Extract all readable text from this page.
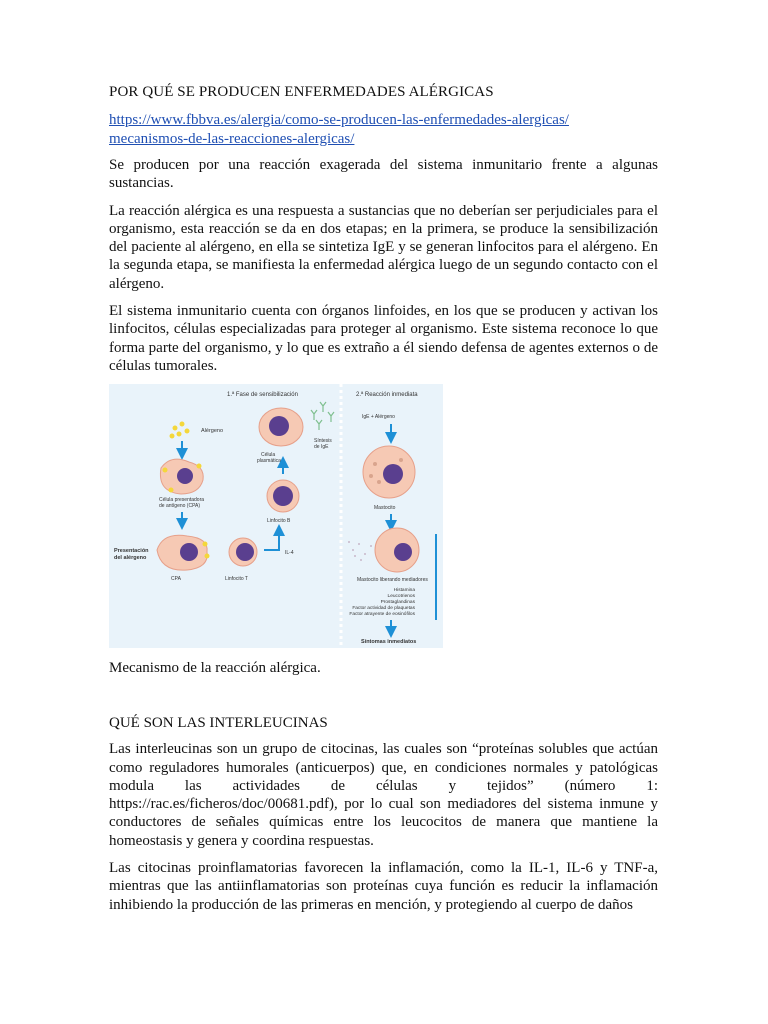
POR QUÉ SE PRODUCEN ENFERMEDADES ALÉRGICAS
https://www.fbbva.es/alergia/como-se-producen-las-enfermedades-alergicas/
mecanismos-de-las-reacciones-alergicas/

Se producen por una reacción exagerada del sistema inmunitario frente a algunas sustancias.

La reacción alérgica es una respuesta a sustancias que no deberían ser perjudiciales para el organismo, esta reacción se da en dos etapas; en la primera, se produce la sensibilización del paciente al alérgeno, en ella se sintetiza IgE y se generan linfocitos para el alérgeno. En la segunda etapa, se manifiesta la enfermedad alérgica luego de un segundo contacto con el alérgeno.

El sistema inmunitario cuenta con órganos linfoides, en los que se producen y activan los linfocitos, células especializadas para proteger al organismo. Este sistema reconoce lo que forma parte del organismo, y lo que es extraño a él siendo defensa de agentes externos o de células tumorales.

1.ª Fase de sensibilización	2.ª Reacción inmediata
Alérgeno
Célula presentadora
de antígeno (CPA)
Célula
plasmática
Síntesis
de IgE
Linfocito B
Presentación
del alérgeno
CPA	Linfocito T
IL-4
IgE + Alérgeno
Mastocito
Mastocito liberando mediadores
Histamina
Leucotrienos
Prostaglandinas
Factor actividad de plaquetas
Factor atrayente de eosinófilos
Síntomas inmediatos
Mecanismo de la reacción alérgica.
QUÉ SON LAS INTERLEUCINAS

Las interleucinas son un grupo de citocinas, las cuales son “proteínas solubles que actúan como reguladores humorales (anticuerpos) que, en condiciones normales y patológicas modula las actividades de células y tejidos” (número 1: https://rac.es/ficheros/doc/00681.pdf), por lo cual son mediadores del sistema inmune y conductores de señales químicas entre los leucocitos de manera que mantiene la homeostasis y genera y coordina respuestas.

Las citocinas proinflamatorias favorecen la inflamación, como la IL-1, IL-6 y TNF-a, mientras que las antiinflamatorias son proteínas cuya función es reducir la inflamación inhibiendo la producción de las primeras en mención, y protegiendo al cuerpo de daños
